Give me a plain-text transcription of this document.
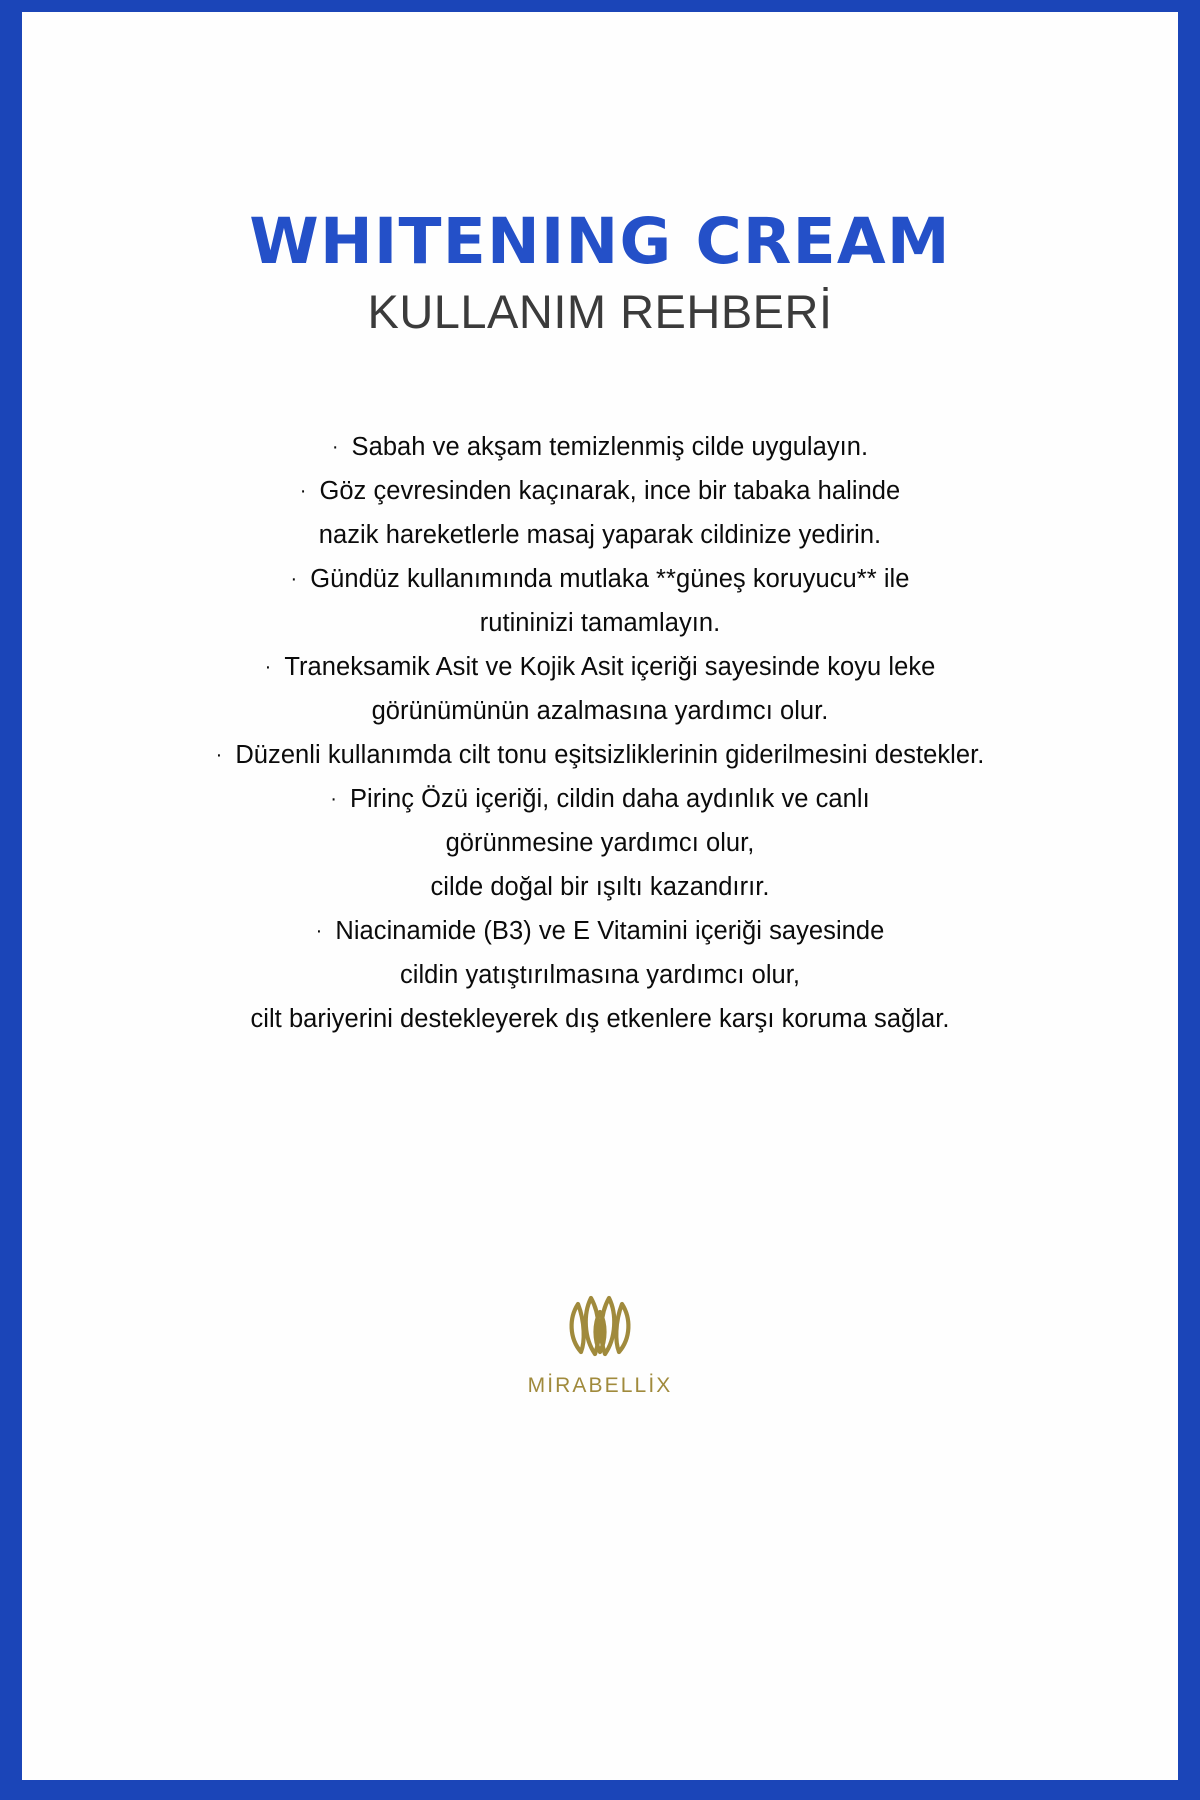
WHITENING CREAM
KULLANIM REHBERİ
· Sabah ve akşam temizlenmiş cilde uygulayın.
· Göz çevresinden kaçınarak, ince bir tabaka halinde
nazik hareketlerle masaj yaparak cildinize yedirin.
· Gündüz kullanımında mutlaka **güneş koruyucu** ile
rutininizi tamamlayın.
· Traneksamik Asit ve Kojik Asit içeriği sayesinde koyu leke
görünümünün azalmasına yardımcı olur.
· Düzenli kullanımda cilt tonu eşitsizliklerinin giderilmesini destekler.
· Pirinç Özü içeriği, cildin daha aydınlık ve canlı
görünmesine yardımcı olur,
cilde doğal bir ışıltı kazandırır.
· Niacinamide (B3) ve E Vitamini içeriği sayesinde
cildin yatıştırılmasına yardımcı olur,
cilt bariyerini destekleyerek dış etkenlere karşı koruma sağlar.
MİRABELLİX
